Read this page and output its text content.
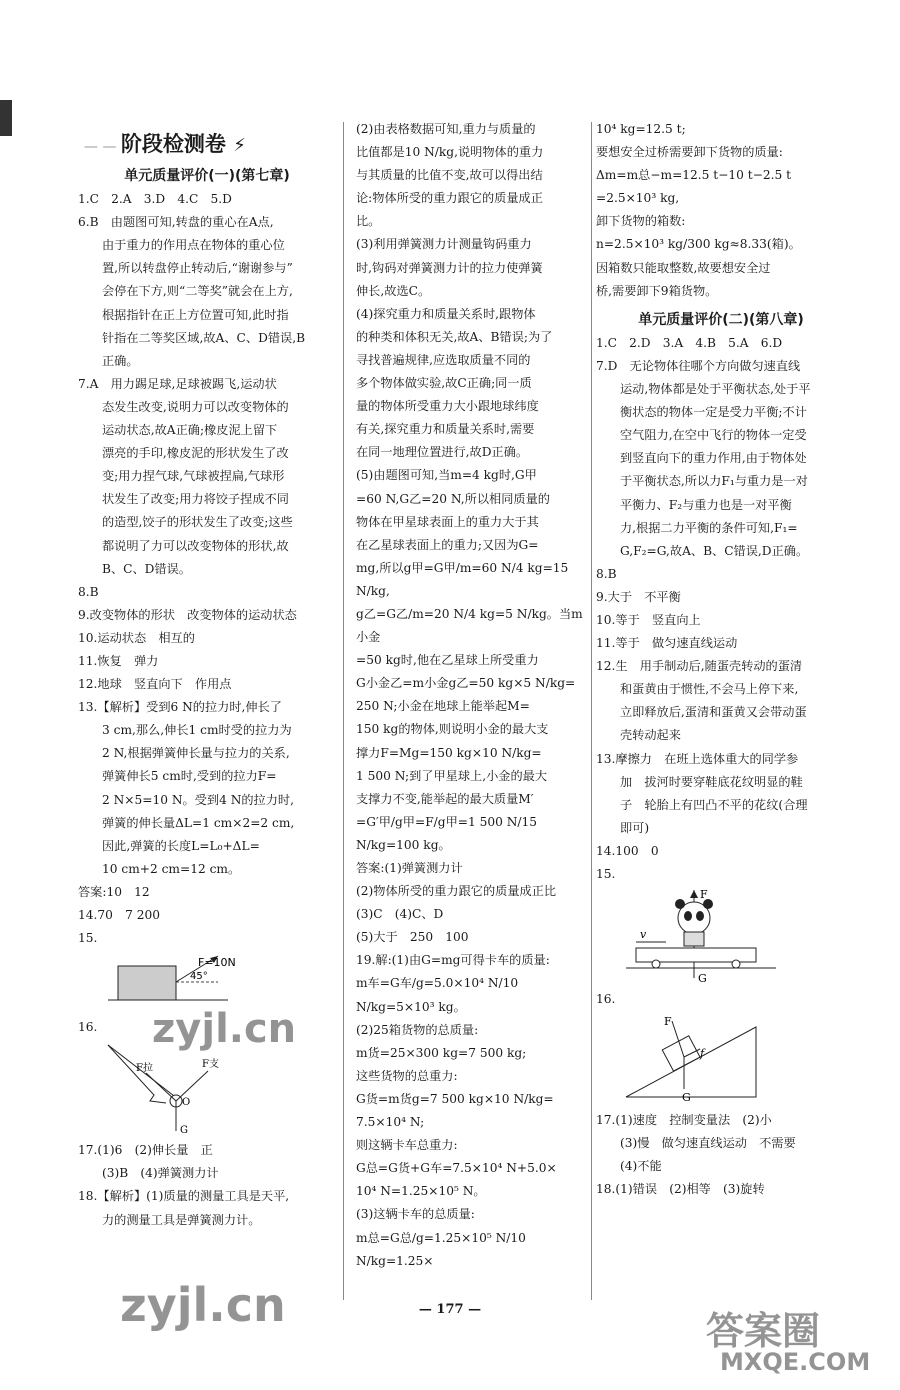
— — 阶段检测卷 ⚡
单元质量评价(一)(第七章)
1.C　2.A　3.D　4.C　5.D
6.B　由题图可知,转盘的重心在A点,
由于重力的作用点在物体的重心位
置,所以转盘停止转动后,“谢谢参与”
会停在下方,则“二等奖”就会在上方,
根据指针在正上方位置可知,此时指
针指在二等奖区域,故A、C、D错误,B
正确。
7.A　用力踢足球,足球被踢飞,运动状
态发生改变,说明力可以改变物体的
运动状态,故A正确;橡皮泥上留下
漂亮的手印,橡皮泥的形状发生了改
变;用力捏气球,气球被捏扁,气球形
状发生了改变;用力将饺子捏成不同
的造型,饺子的形状发生了改变;这些
都说明了力可以改变物体的形状,故
B、C、D错误。
8.B
9.改变物体的形状　改变物体的运动状态
10.运动状态　相互的
11.恢复　弹力
12.地球　竖直向下　作用点
13.【解析】受到6 N的拉力时,伸长了
3 cm,那么,伸长1 cm时受的拉力为
2 N,根据弹簧伸长量与拉力的关系,
弹簧伸长5 cm时,受到的拉力F=
2 N×5=10 N。受到4 N的拉力时,
弹簧的伸长量ΔL=1 cm×2=2 cm,
因此,弹簧的长度L=L₀+ΔL=
10 cm+2 cm=12 cm。
答案:10　12
14.70　7 200
15.
F=10N
45°
16.
F拉	F支
O
G
17.(1)6　(2)伸长量　正
(3)B　(4)弹簧测力计
18.【解析】(1)质量的测量工具是天平,
力的测量工具是弹簧测力计。
(2)由表格数据可知,重力与质量的
比值都是10 N/kg,说明物体的重力
与其质量的比值不变,故可以得出结
论:物体所受的重力跟它的质量成正
比。
(3)利用弹簧测力计测量钩码重力
时,钩码对弹簧测力计的拉力使弹簧
伸长,故选C。
(4)探究重力和质量关系时,跟物体
的种类和体积无关,故A、B错误;为了
寻找普遍规律,应选取质量不同的
多个物体做实验,故C正确;同一质
量的物体所受重力大小跟地球纬度
有关,探究重力和质量关系时,需要
在同一地理位置进行,故D正确。
(5)由题图可知,当m=4 kg时,G甲
=60 N,G乙=20 N,所以相同质量的
物体在甲星球表面上的重力大于其
在乙星球表面上的重力;又因为G=
mg,所以g甲=G甲/m=60 N/4 kg=15 N/kg,
g乙=G乙/m=20 N/4 kg=5 N/kg。当m小金
=50 kg时,他在乙星球上所受重力
G小金乙=m小金g乙=50 kg×5 N/kg=
250 N;小金在地球上能举起M=
150 kg的物体,则说明小金的最大支
撑力F=Mg=150 kg×10 N/kg=
1 500 N;到了甲星球上,小金的最大
支撑力不变,能举起的最大质量M′
=G′甲/g甲=F/g甲=1 500 N/15 N/kg=100 kg。
答案:(1)弹簧测力计
(2)物体所受的重力跟它的质量成正比
(3)C　(4)C、D
(5)大于　250　100
19.解:(1)由G=mg可得卡车的质量:
m车=G车/g=5.0×10⁴ N/10 N/kg=5×10³ kg。
(2)25箱货物的总质量:
m货=25×300 kg=7 500 kg;
这些货物的总重力:
G货=m货g=7 500 kg×10 N/kg=
7.5×10⁴ N;
则这辆卡车总重力:
G总=G货+G车=7.5×10⁴ N+5.0×
10⁴ N=1.25×10⁵ N。
(3)这辆卡车的总质量:
m总=G总/g=1.25×10⁵ N/10 N/kg=1.25×
10⁴ kg=12.5 t;
要想安全过桥需要卸下货物的质量:
Δm=m总−m=12.5 t−10 t−2.5 t
=2.5×10³ kg,
卸下货物的箱数:
n=2.5×10³ kg/300 kg≈8.33(箱)。
因箱数只能取整数,故要想安全过
桥,需要卸下9箱货物。
单元质量评价(二)(第八章)
1.C　2.D　3.A　4.B　5.A　6.D
7.D　无论物体往哪个方向做匀速直线
运动,物体都是处于平衡状态,处于平
衡状态的物体一定是受力平衡;不计
空气阻力,在空中飞行的物体一定受
到竖直向下的重力作用,由于物体处
于平衡状态,所以力F₁与重力是一对
平衡力、F₂与重力也是一对平衡
力,根据二力平衡的条件可知,F₁=
G,F₂=G,故A、B、C错误,D正确。
8.B
9.大于　不平衡
10.等于　竖直向上
11.等于　做匀速直线运动
12.生　用手制动后,随蛋壳转动的蛋清
和蛋黄由于惯性,不会马上停下来,
立即释放后,蛋清和蛋黄又会带动蛋
壳转动起来
13.摩擦力　在班上选体重大的同学参
加　拔河时要穿鞋底花纹明显的鞋
子　轮胎上有凹凸不平的花纹(合理
即可)
14.100　0
15.
F
v
G
16.
F
f
G
17.(1)速度　控制变量法　(2)小
(3)慢　做匀速直线运动　不需要
(4)不能
18.(1)错误　(2)相等　(3)旋转
— 177 —
zyjl.cn
zyjl.cn	答案圈
MXQE.COM
